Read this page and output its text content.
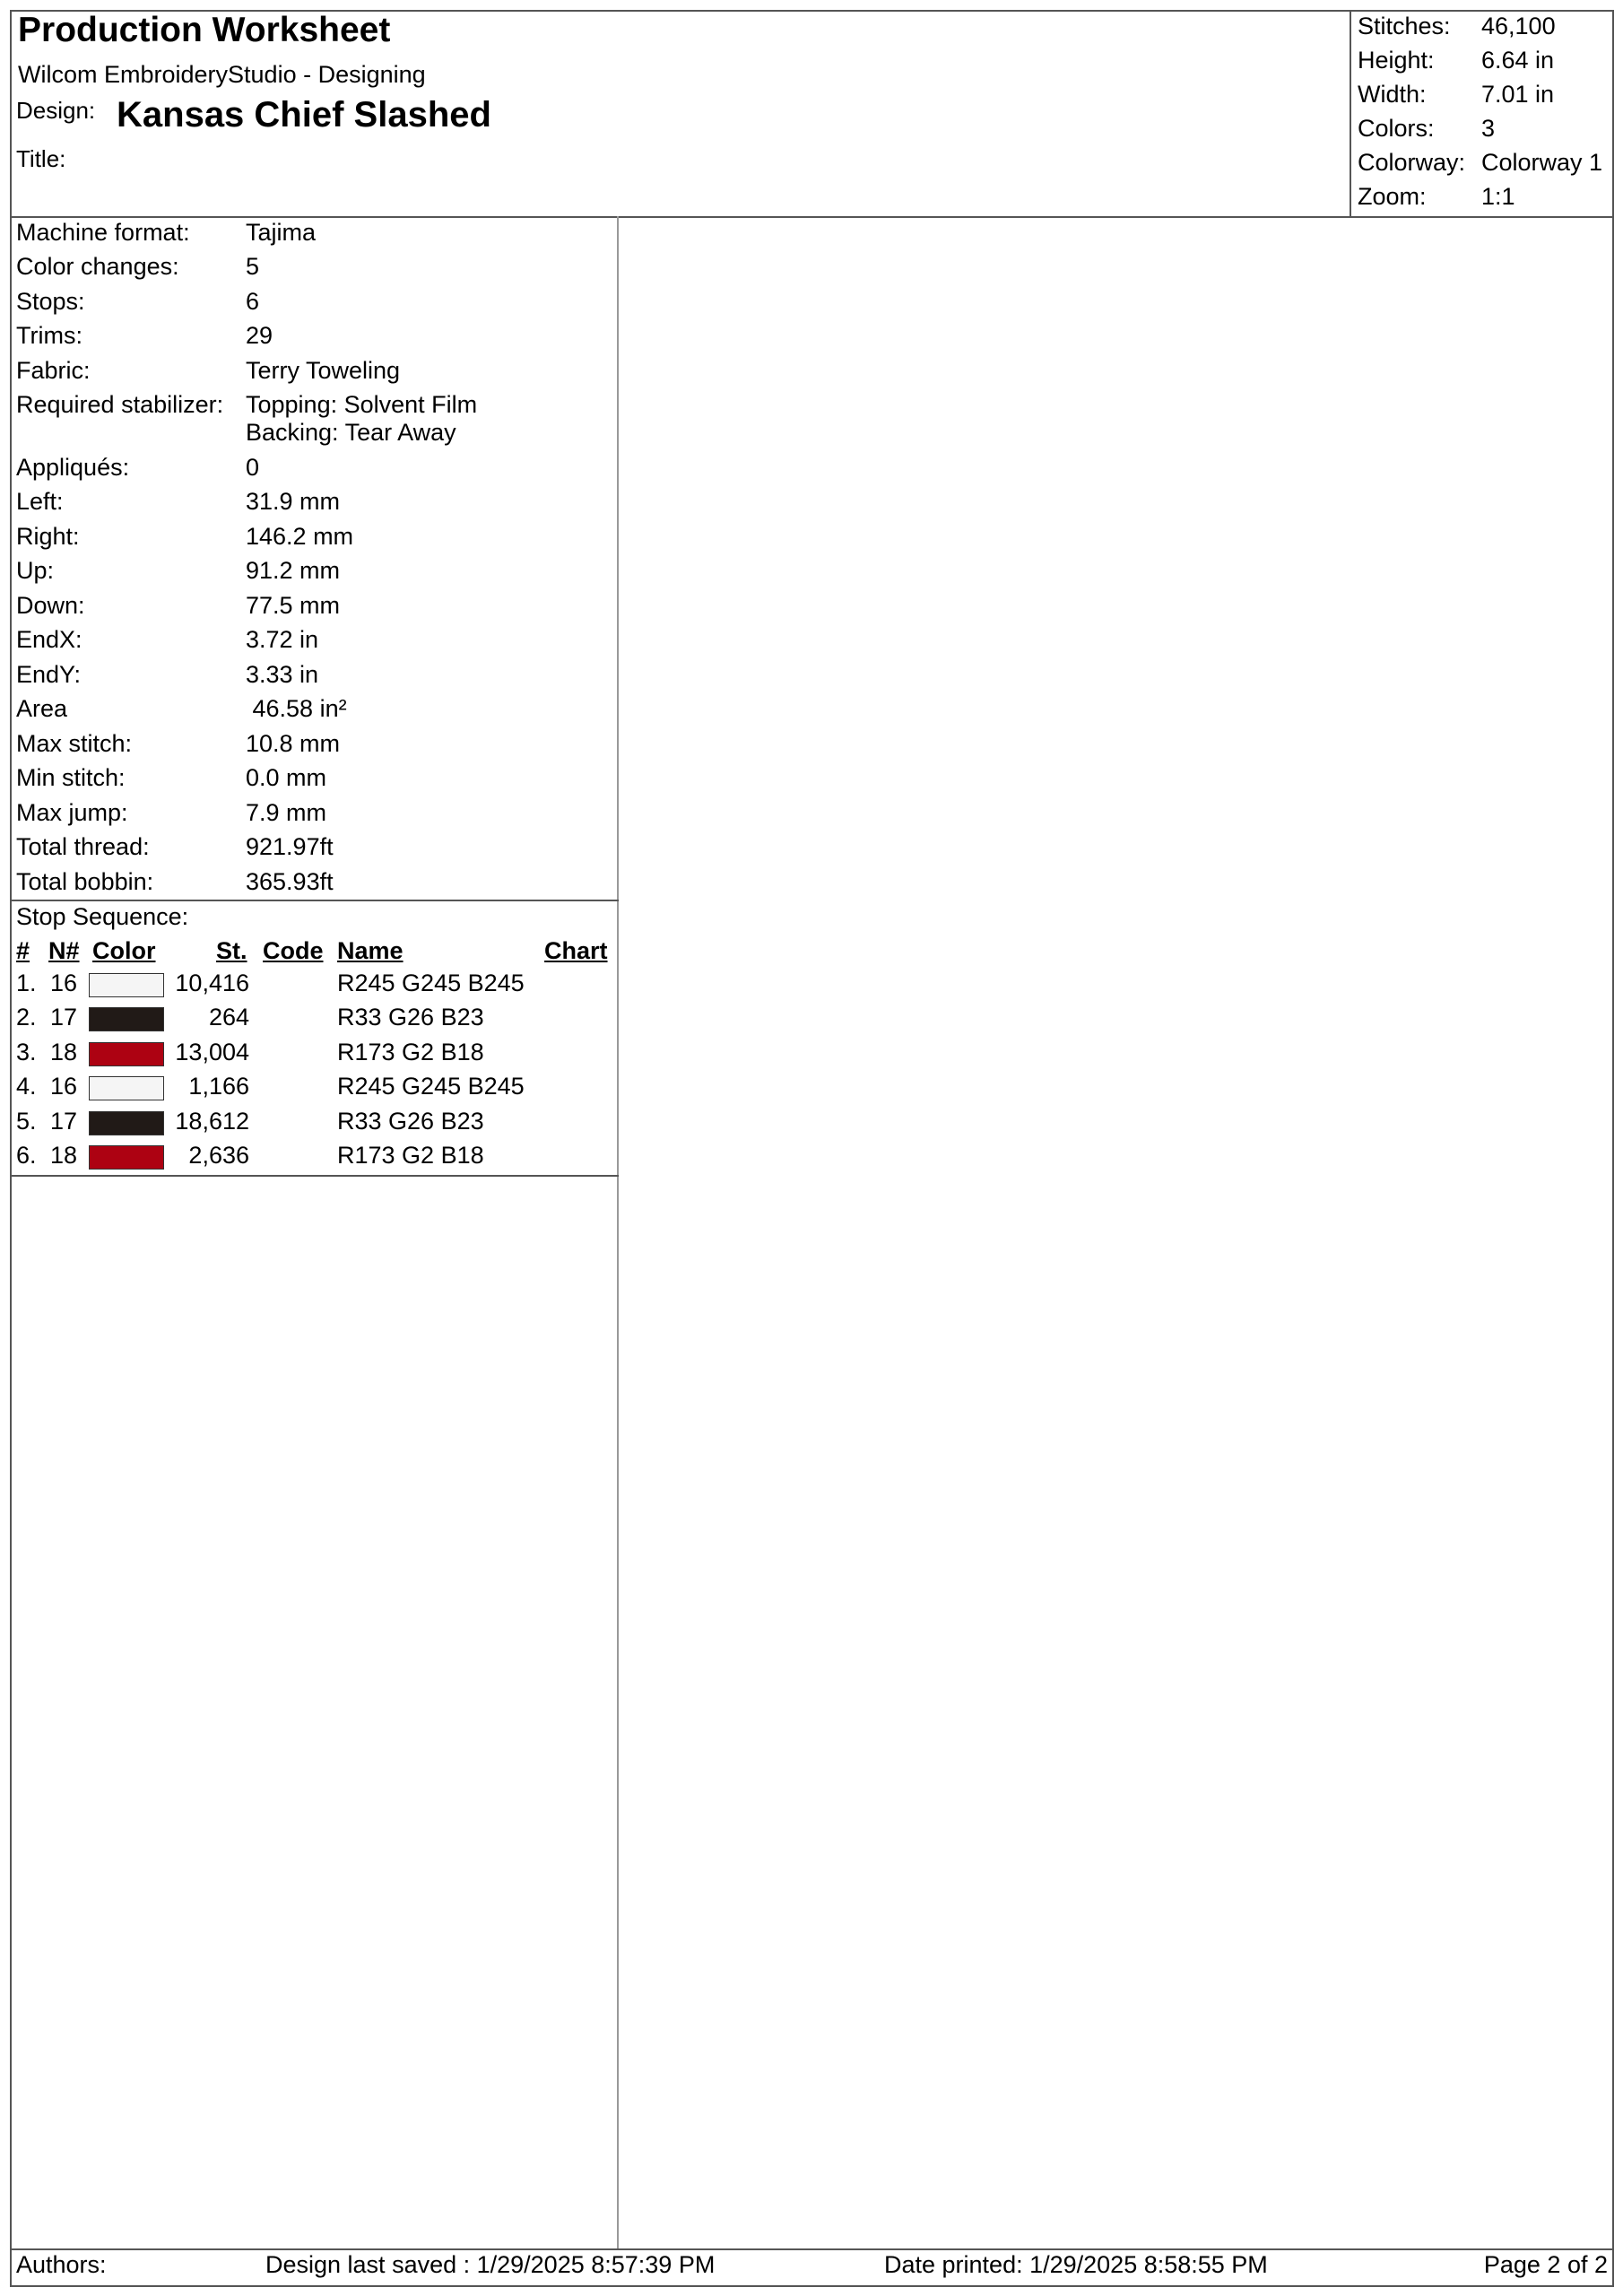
Production Worksheet
Wilcom EmbroideryStudio - Designing
Design: Kansas Chief Slashed
Title:
Stitches: 46,100
Height: 6.64 in
Width: 7.01 in
Colors: 3
Colorway: Colorway 1
Zoom: 1:1
Machine format: Tajima
Color changes:	5
Stops:	6
Trims:	29
Fabric:	Terry Toweling
Required stabilizer: Topping: Solvent Film
Backing: Tear Away
Appliqués:	0
Left:	31.9 mm
Right:	146.2 mm
Up:	91.2 mm
Down:	77.5 mm
EndX:	3.72 in
EndY:	3.33 in
Area	46.58 in²
Max stitch:	10.8 mm
Min stitch:	0.0 mm
Max jump:	7.9 mm
Total thread:	921.97ft
Total bobbin:	365.93ft
Stop Sequence:
# N# Color	St. Code Name	Chart
1. 16	10,416	R245 G245 B245
2. 17	264	R33 G26 B23
3. 18	13,004	R173 G2 B18
4. 16	1,166	R245 G245 B245
5. 17	18,612	R33 G26 B23
6. 18	2,636	R173 G2 B18
Authors:	Design last saved : 1/29/2025 8:57:39 PM	Date printed: 1/29/2025 8:58:55 PM	Page 2 of 2
